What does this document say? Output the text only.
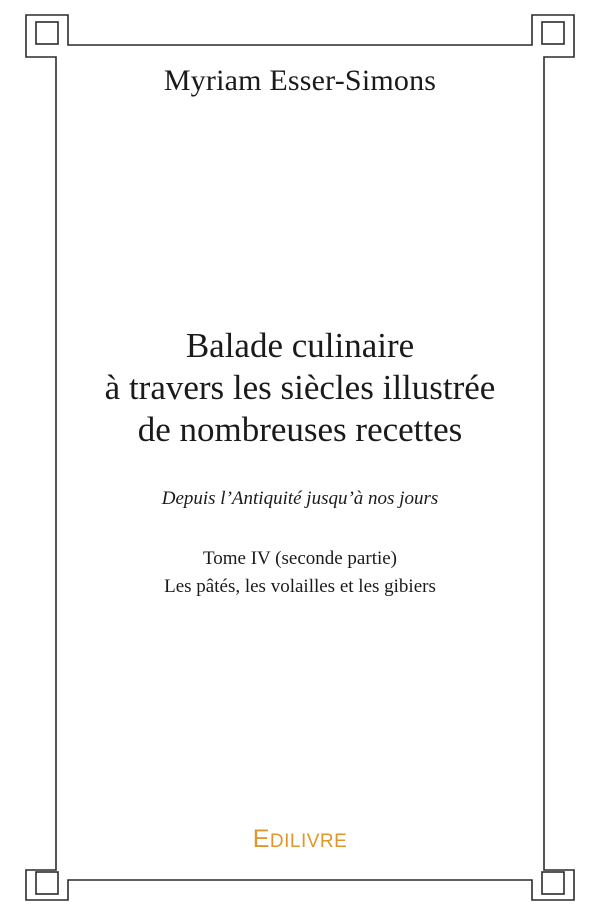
Myriam Esser-Simons
Balade culinaire
à travers les siècles illustrée
de nombreuses recettes
Depuis l’Antiquité jusqu’à nos jours
Tome IV (seconde partie)
Les pâtés, les volailles et les gibiers
EDILIVRE
